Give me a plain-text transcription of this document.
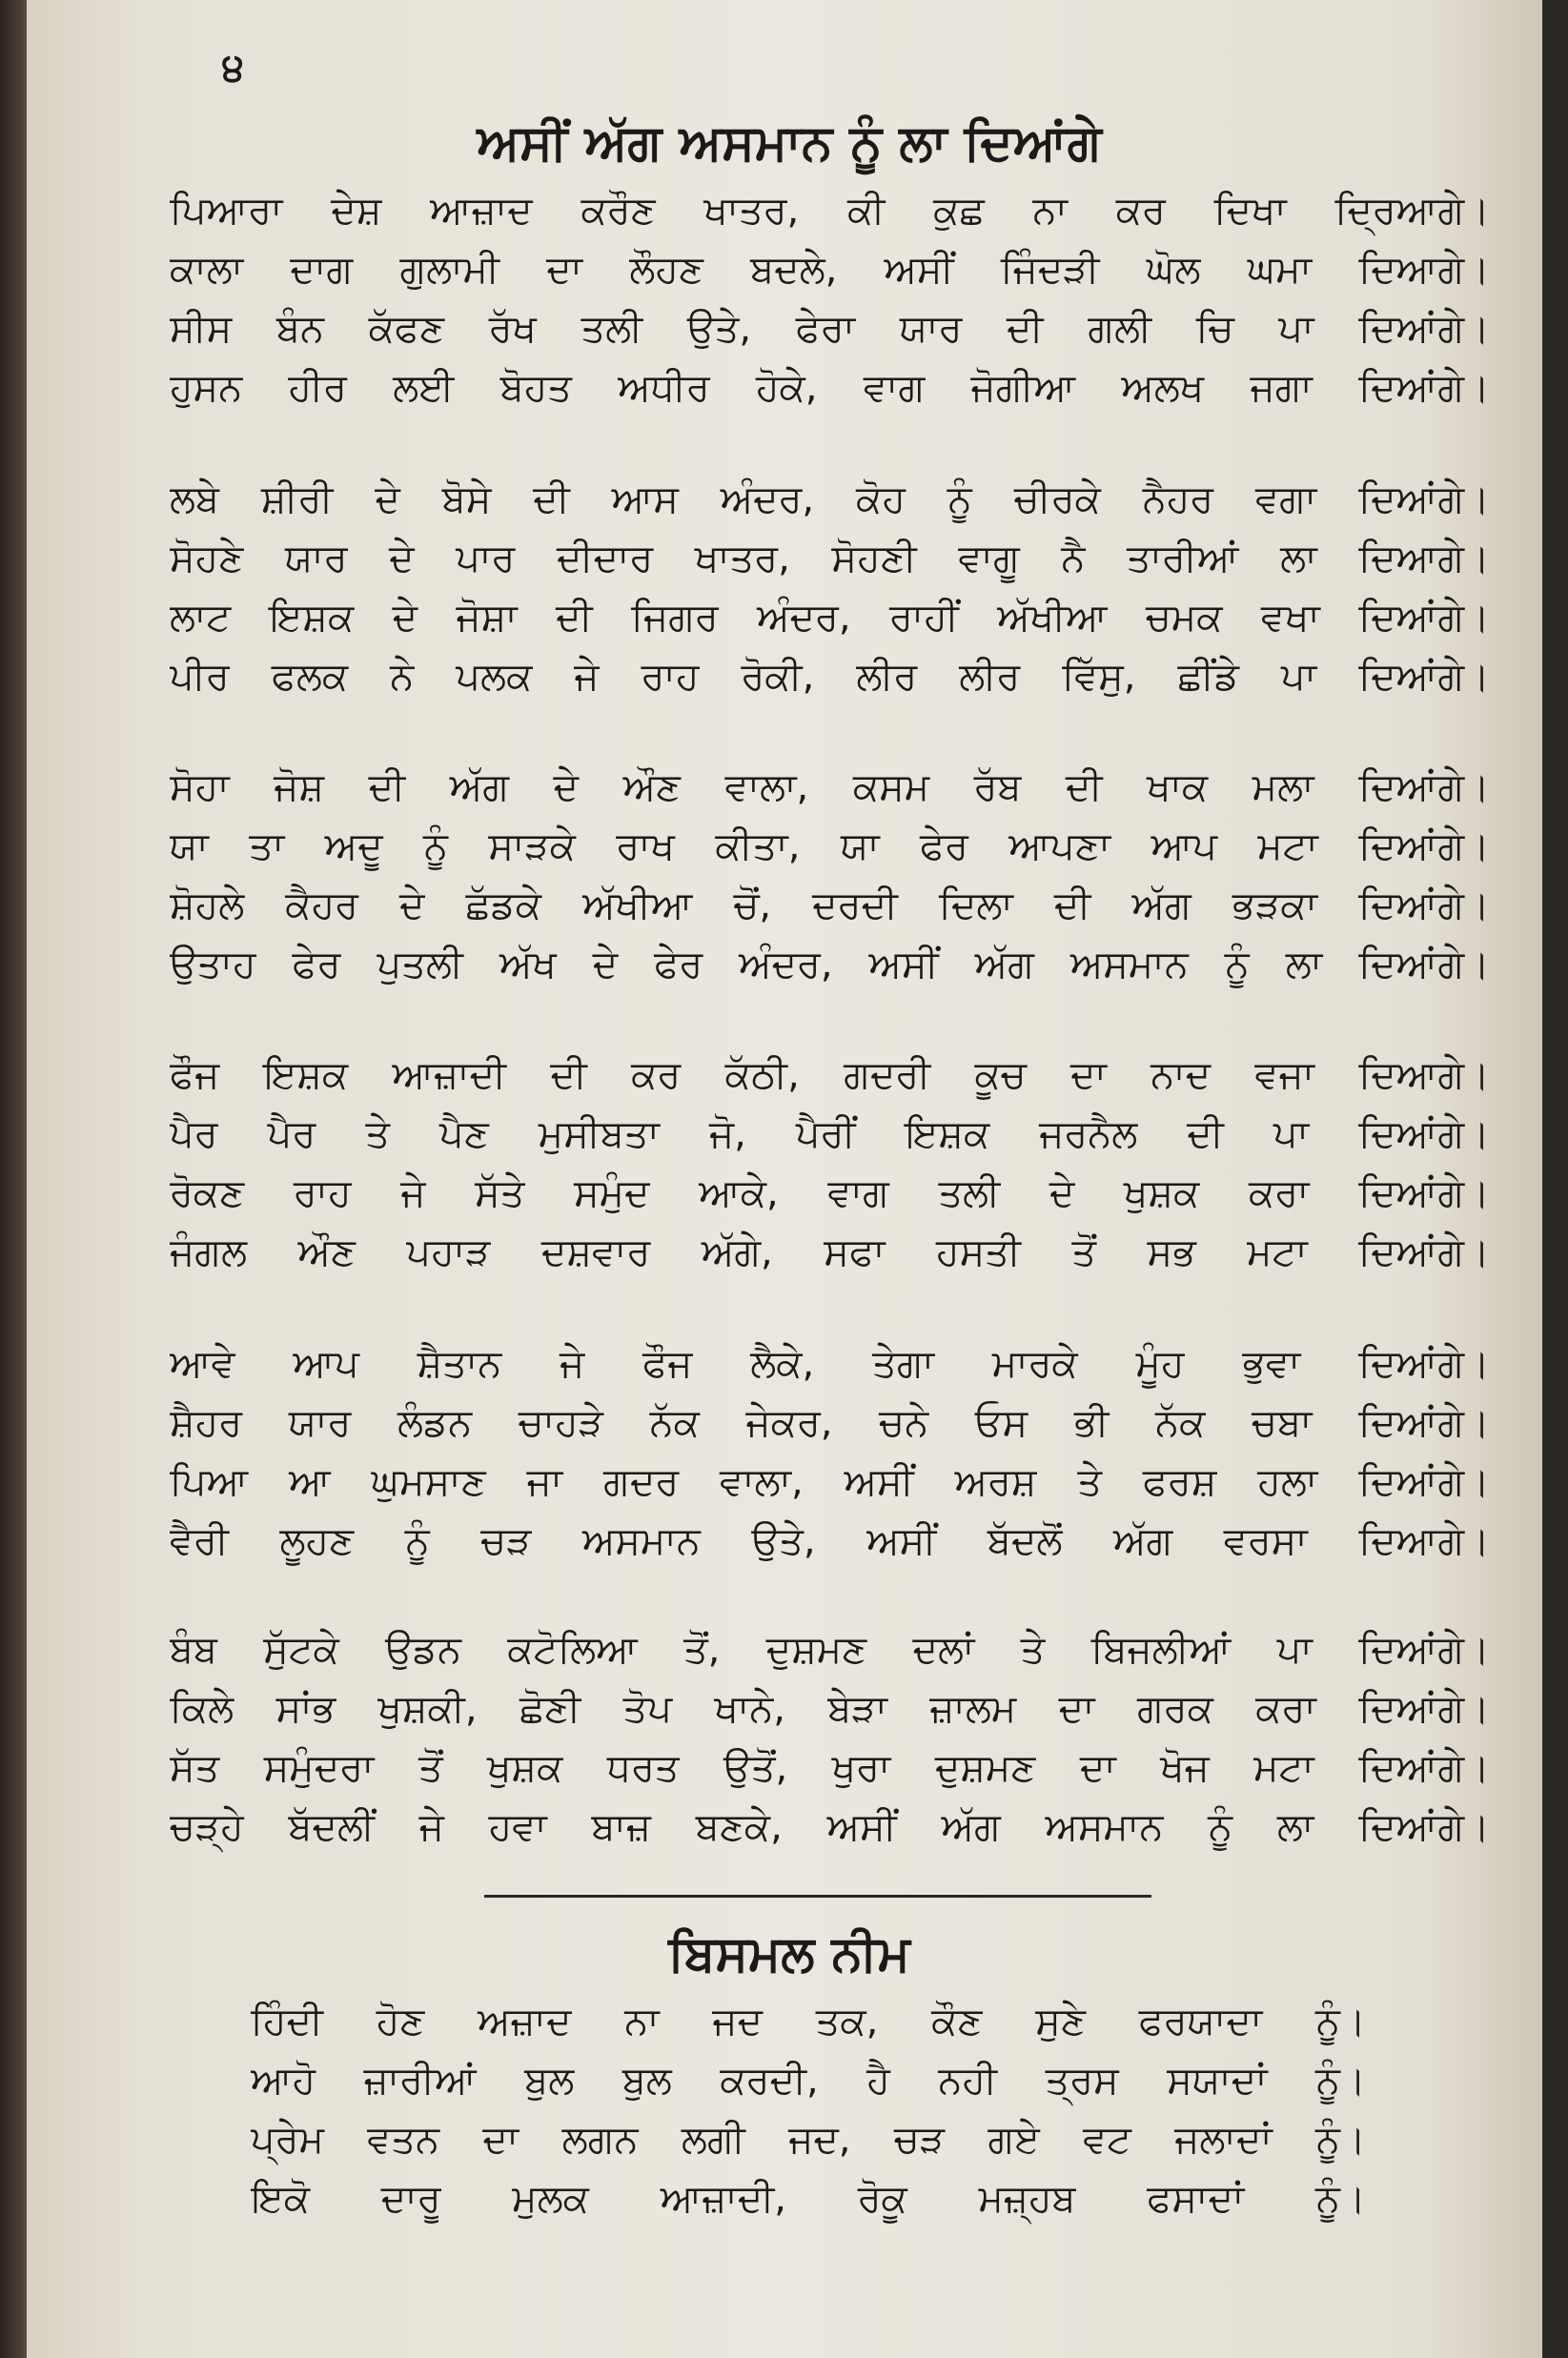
੪
ਅਸੀਂ ਅੱਗ ਅਸਮਾਨ ਨੂੰ ਲਾ ਦਿਆਂਗੇ
ਪਿਆਰਾ ਦੇਸ਼ ਆਜ਼ਾਦ ਕਰੌਣ ਖਾਤਰ, ਕੀ ਕੁਛ ਨਾ ਕਰ ਦਿਖਾ ਦ੍ਰਿਆਗੇ।
ਕਾਲਾ ਦਾਗ ਗੁਲਾਮੀ ਦਾ ਲੌਹਣ ਬਦਲੇ, ਅਸੀਂ ਜਿੰਦੜੀ ਘੋਲ ਘਮਾ ਦਿਆਗੇ।
ਸੀਸ ਬੰਨ ਕੱਫਣ ਰੱਖ ਤਲੀ ਉਤੇ, ਫੇਰਾ ਯਾਰ ਦੀ ਗਲੀ ਚਿ ਪਾ ਦਿਆਂਗੇ।
ਹੁਸਨ ਹੀਰ ਲਈ ਬੋਹਤ ਅਧੀਰ ਹੋਕੇ, ਵਾਗ ਜੋਗੀਆ ਅਲਖ ਜਗਾ ਦਿਆਂਗੇ।
ਲਬੇ ਸ਼ੀਰੀ ਦੇ ਬੋਸੇ ਦੀ ਆਸ ਅੰਦਰ, ਕੋਹ ਨੂੰ ਚੀਰਕੇ ਨੈਹਰ ਵਗਾ ਦਿਆਂਗੇ।
ਸੋਹਣੇ ਯਾਰ ਦੇ ਪਾਰ ਦੀਦਾਰ ਖਾਤਰ, ਸੋਹਣੀ ਵਾਗੂ ਨੈ ਤਾਰੀਆਂ ਲਾ ਦਿਆਗੇ।
ਲਾਟ ਇਸ਼ਕ ਦੇ ਜੋਸ਼ਾ ਦੀ ਜਿਗਰ ਅੰਦਰ, ਰਾਹੀਂ ਅੱਖੀਆ ਚਮਕ ਵਖਾ ਦਿਆਂਗੇ।
ਪੀਰ ਫਲਕ ਨੇ ਪਲਕ ਜੇ ਰਾਹ ਰੋਕੀ, ਲੀਰ ਲੀਰ ਵਿੱਸੁ, ਛੀਂਡੇ ਪਾ ਦਿਆਂਗੇ।
ਸੋਹਾ ਜੋਸ਼ ਦੀ ਅੱਗ ਦੇ ਔਣ ਵਾਲਾ, ਕਸਮ ਰੱਬ ਦੀ ਖਾਕ ਮਲਾ ਦਿਆਂਗੇ।
ਯਾ ਤਾ ਅਦੂ ਨੂੰ ਸਾੜਕੇ ਰਾਖ ਕੀਤਾ, ਯਾ ਫੇਰ ਆਪਣਾ ਆਪ ਮਟਾ ਦਿਆਂਗੇ।
ਸ਼ੋਹਲੇ ਕੈਹਰ ਦੇ ਛੱਡਕੇ ਅੱਖੀਆ ਚੋਂ, ਦਰਦੀ ਦਿਲਾ ਦੀ ਅੱਗ ਭੜਕਾ ਦਿਆਂਗੇ।
ਉਤਾਹ ਫੇਰ ਪੁਤਲੀ ਅੱਖ ਦੇ ਫੇਰ ਅੰਦਰ, ਅਸੀਂ ਅੱਗ ਅਸਮਾਨ ਨੂੰ ਲਾ ਦਿਆਂਗੇ।
ਫੌਜ ਇਸ਼ਕ ਆਜ਼ਾਦੀ ਦੀ ਕਰ ਕੱਠੀ, ਗਦਰੀ ਕੂਚ ਦਾ ਨਾਦ ਵਜਾ ਦਿਆਗੇ।
ਪੈਰ ਪੈਰ ਤੇ ਪੈਣ ਮੁਸੀਬਤਾ ਜੋ, ਪੈਰੀਂ ਇਸ਼ਕ ਜਰਨੈਲ ਦੀ ਪਾ ਦਿਆਂਗੇ।
ਰੋਕਣ ਰਾਹ ਜੇ ਸੱਤੇ ਸਮੁੰਦ ਆਕੇ, ਵਾਗ ਤਲੀ ਦੇ ਖੁਸ਼ਕ ਕਰਾ ਦਿਆਂਗੇ।
ਜੰਗਲ ਔਣ ਪਹਾੜ ਦਸ਼ਵਾਰ ਅੱਗੇ, ਸਫਾ ਹਸਤੀ ਤੋਂ ਸਭ ਮਟਾ ਦਿਆਂਗੇ।
ਆਵੇ ਆਪ ਸ਼ੈਤਾਨ ਜੇ ਫੌਜ ਲੈਕੇ, ਤੇਗਾ ਮਾਰਕੇ ਮੂੰਹ ਭੁਵਾ ਦਿਆਂਗੇ।
ਸ਼ੈਹਰ ਯਾਰ ਲੰਡਨ ਚਾਹੜੇ ਨੱਕ ਜੇਕਰ, ਚਨੇ ਓਸ ਭੀ ਨੱਕ ਚਬਾ ਦਿਆਂਗੇ।
ਪਿਆ ਆ ਘੁਮਸਾਣ ਜਾ ਗਦਰ ਵਾਲਾ, ਅਸੀਂ ਅਰਸ਼ ਤੇ ਫਰਸ਼ ਹਲਾ ਦਿਆਂਗੇ।
ਵੈਰੀ ਲੂਹਣ ਨੂੰ ਚੜ ਅਸਮਾਨ ਉਤੇ, ਅਸੀਂ ਬੱਦਲੋਂ ਅੱਗ ਵਰਸਾ ਦਿਆਗੇ।
ਬੰਬ ਸੁੱਟਕੇ ਉਡਨ ਕਟੋਲਿਆ ਤੋਂ, ਦੁਸ਼ਮਣ ਦਲਾਂ ਤੇ ਬਿਜਲੀਆਂ ਪਾ ਦਿਆਂਗੇ।
ਕਿਲੇ ਸਾਂਭ ਖੁਸ਼ਕੀ, ਛੋਣੀ ਤੋਪ ਖਾਨੇ, ਬੇੜਾ ਜ਼ਾਲਮ ਦਾ ਗਰਕ ਕਰਾ ਦਿਆਂਗੇ।
ਸੱਤ ਸਮੁੰਦਰਾ ਤੋਂ ਖੁਸ਼ਕ ਧਰਤ ਉਤੋਂ, ਖੁਰਾ ਦੁਸ਼ਮਣ ਦਾ ਖੋਜ ਮਟਾ ਦਿਆਂਗੇ।
ਚੜ੍ਹੇ ਬੱਦਲੀਂ ਜੇ ਹਵਾ ਬਾਜ਼ ਬਣਕੇ, ਅਸੀਂ ਅੱਗ ਅਸਮਾਨ ਨੂੰ ਲਾ ਦਿਆਂਗੇ।
ਬਿਸਮਲ ਨੀਮ
ਹਿੰਦੀ ਹੋਣ ਅਜ਼ਾਦ ਨਾ ਜਦ ਤਕ, ਕੌਣ ਸੁਣੇ ਫਰਯਾਦਾ ਨੂੰ।
ਆਹੋ ਜ਼ਾਰੀਆਂ ਬੁਲ ਬੁਲ ਕਰਦੀ, ਹੈ ਨਹੀ ਤ੍ਰਸ ਸਯਾਦਾਂ ਨੂੰ।
ਪ੍ਰੇਮ ਵਤਨ ਦਾ ਲਗਨ ਲਗੀ ਜਦ, ਚੜ ਗਏ ਵਟ ਜਲਾਦਾਂ ਨੂੰ।
ਇਕੋ ਦਾਰੂ ਮੁਲਕ ਆਜ਼ਾਦੀ, ਰੋਕੂ ਮਜ਼੍ਹਬ ਫਸਾਦਾਂ ਨੂੰ।
